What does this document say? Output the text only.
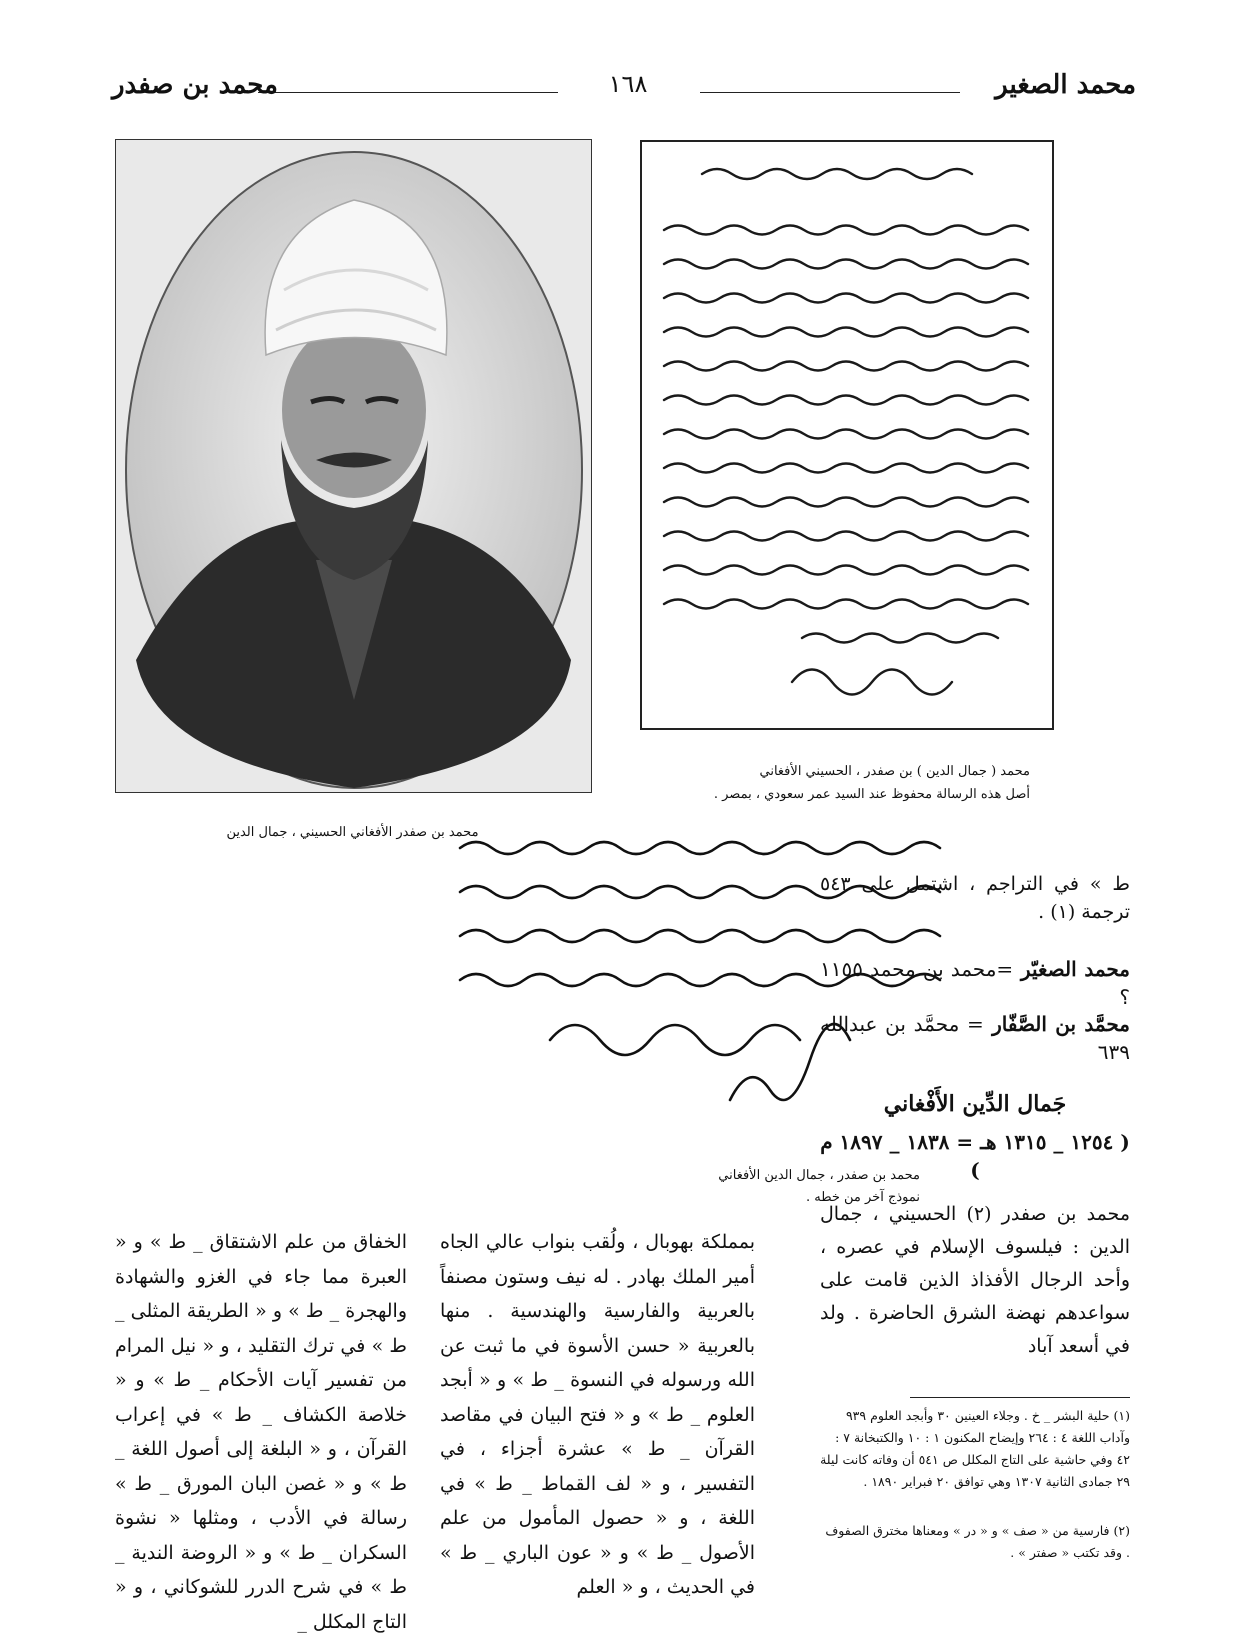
محمد الصغير
١٦٨
محمد بن صفدر
محمد بن صفدر الأفغاني الحسيني ، جمال الدين
محمد ( جمال الدين ) بن صفدر ، الحسيني الأفغاني
أصل هذه الرسالة محفوظ عند السيد عمر سعودي ، بمصر .
محمد بن صفدر ، جمال الدين الأفغاني
نموذج آخر من خطه .
ط » في التراجم ، اشتمل على ٥٤٣ ترجمة (١) .
محمد الصغيّر =محمد بن محمد ١١٥٥ ؟
محمَّد بن الصَّفّار = محمَّد بن عبدالله ٦٣٩
جَمال الدِّين الأَفْغاني
( ١٢٥٤ _ ١٣١٥ هـ = ١٨٣٨ _ ١٨٩٧ م )
محمد بن صفدر (٢) الحسيني ، جمال الدين : فيلسوف الإسلام في عصره ، وأحد الرجال الأفذاذ الذين قامت على سواعدهم نهضة الشرق الحاضرة . ولد في أسعد آباد
(١) حلية البشر _ خ . وجلاء العينين ٣٠ وأبجد العلوم ٩٣٩ وآداب اللغة ٤ : ٢٦٤ وإيضاح المكنون ١ : ١٠ والكتبخانة ٧ : ٤٢ وفي حاشية على التاج المكلل ص ٥٤١ أن وفاته كانت ليلة ٢٩ جمادى الثانية ١٣٠٧ وهي توافق ٢٠ فبراير ١٨٩٠ .
(٢) فارسية من « صف » و « در » ومعناها مخترق الصفوف . وقد تكتب « صفتر » .
بمملكة بهوبال ، ولُقب بنواب عالي الجاه أمير الملك بهادر . له نيف وستون مصنفاً بالعربية والفارسية والهندسية . منها بالعربية « حسن الأسوة في ما ثبت عن الله ورسوله في النسوة _ ط » و « أبجد العلوم _ ط » و « فتح البيان في مقاصد القرآن _ ط » عشرة أجزاء ، في التفسير ، و « لف القماط _ ط » في اللغة ، و « حصول المأمول من علم الأصول _ ط » و « عون الباري _ ط » في الحديث ، و « العلم
الخفاق من علم الاشتقاق _ ط » و « العبرة مما جاء في الغزو والشهادة والهجرة _ ط » و « الطريقة المثلى _ ط » في ترك التقليد ، و « نيل المرام من تفسير آيات الأحكام _ ط » و « خلاصة الكشاف _ ط » في إعراب القرآن ، و « البلغة إلى أصول اللغة _ ط » و « غصن البان المورق _ ط » رسالة في الأدب ، ومثلها « نشوة السكران _ ط » و « الروضة الندية _ ط » في شرح الدرر للشوكاني ، و « التاج المكلل _
